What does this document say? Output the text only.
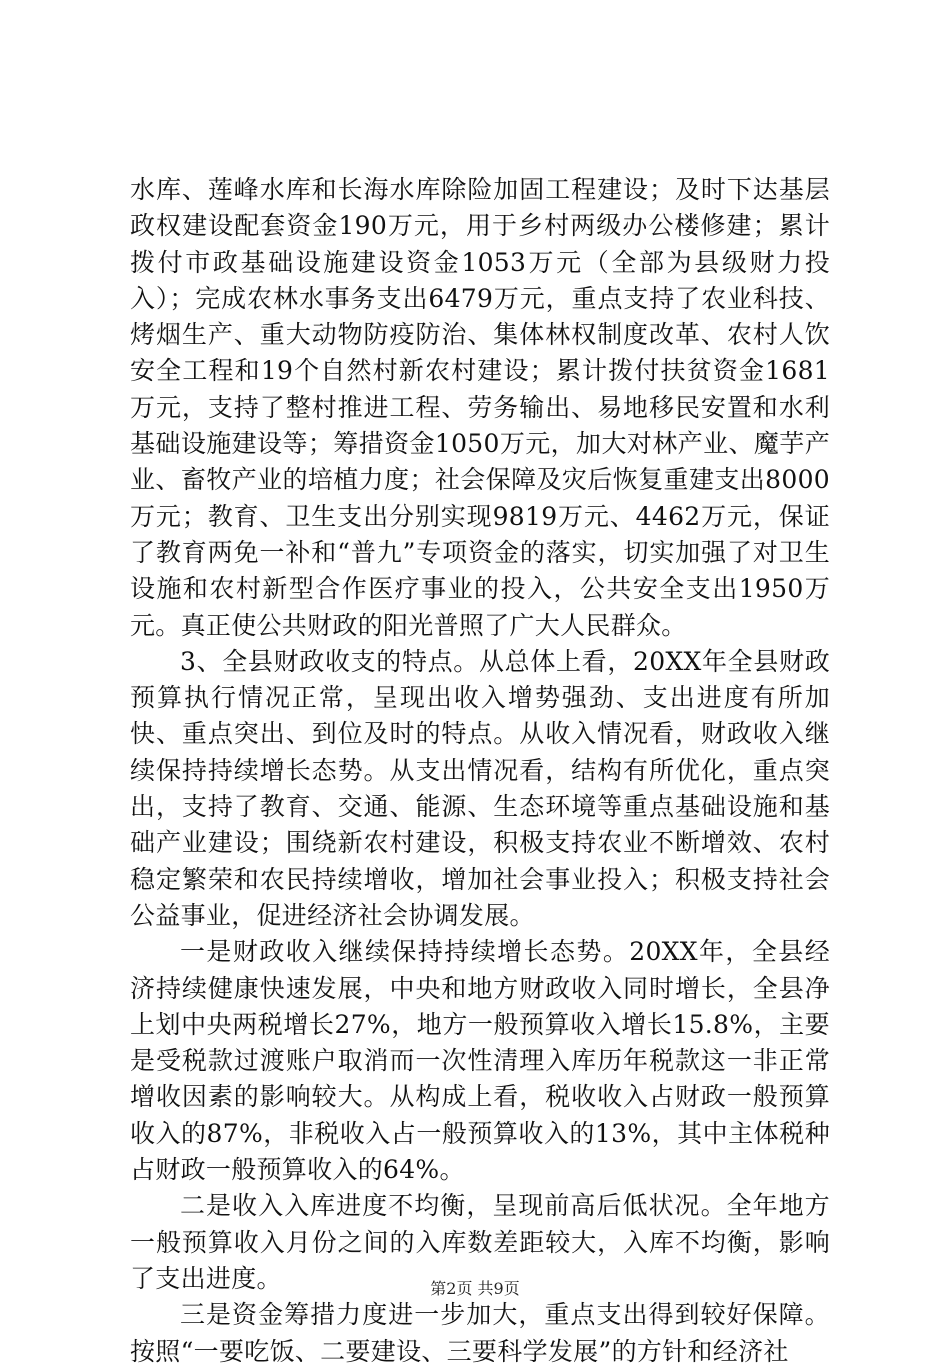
水库、莲峰水库和长海水库除险加固工程建设；及时下达基层政权建设配套资金190万元，用于乡村两级办公楼修建；累计拨付市政基础设施建设资金1053万元（全部为县级财力投入）；完成农林水事务支出6479万元，重点支持了农业科技、烤烟生产、重大动物防疫防治、集体林权制度改革、农村人饮安全工程和19个自然村新农村建设；累计拨付扶贫资金1681万元，支持了整村推进工程、劳务输出、易地移民安置和水利基础设施建设等；筹措资金1050万元，加大对林产业、魔芋产业、畜牧产业的培植力度；社会保障及灾后恢复重建支出8000万元；教育、卫生支出分别实现9819万元、4462万元，保证了教育两免一补和“普九”专项资金的落实，切实加强了对卫生设施和农村新型合作医疗事业的投入，公共安全支出1950万元。真正使公共财政的阳光普照了广大人民群众。

3、全县财政收支的特点。从总体上看，20XX年全县财政预算执行情况正常，呈现出收入增势强劲、支出进度有所加快、重点突出、到位及时的特点。从收入情况看，财政收入继续保持持续增长态势。从支出情况看，结构有所优化，重点突出，支持了教育、交通、能源、生态环境等重点基础设施和基础产业建设；围绕新农村建设，积极支持农业不断增效、农村稳定繁荣和农民持续增收，增加社会事业投入；积极支持社会公益事业，促进经济社会协调发展。

一是财政收入继续保持持续增长态势。20XX年，全县经济持续健康快速发展，中央和地方财政收入同时增长，全县净上划中央两税增长27%，地方一般预算收入增长15.8%，主要是受税款过渡账户取消而一次性清理入库历年税款这一非正常增收因素的影响较大。从构成上看，税收收入占财政一般预算收入的87%，非税收入占一般预算收入的13%，其中主体税种占财政一般预算收入的64%。

二是收入入库进度不均衡，呈现前高后低状况。全年地方一般预算收入月份之间的入库数差距较大，入库不均衡，影响了支出进度。

三是资金筹措力度进一步加大，重点支出得到较好保障。按照“一要吃饭、二要建设、三要科学发展”的方针和经济社

第2页 共9页
